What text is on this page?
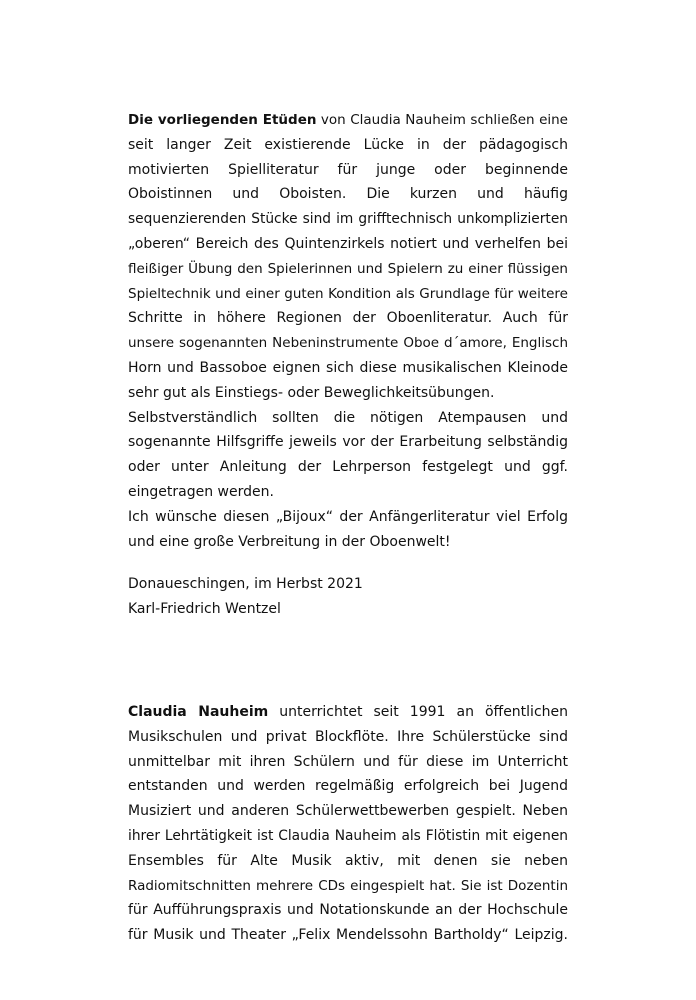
Die vorliegenden Etüden von Claudia Nauheim schließen eine
seit langer Zeit existierende Lücke in der pädagogisch
motivierten Spielliteratur für junge oder beginnende
Oboistinnen und Oboisten. Die kurzen und häufig
sequenzierenden Stücke sind im grifftechnisch unkomplizierten
„oberen“ Bereich des Quintenzirkels notiert und verhelfen bei
fleißiger Übung den Spielerinnen und Spielern zu einer flüssigen
Spieltechnik und einer guten Kondition als Grundlage für weitere
Schritte in höhere Regionen der Oboenliteratur. Auch für
unsere sogenannten Nebeninstrumente Oboe d´amore, Englisch
Horn und Bassoboe eignen sich diese musikalischen Kleinode
sehr gut als Einstiegs- oder Beweglichkeitsübungen.
Selbstverständlich sollten die nötigen Atempausen und
sogenannte Hilfsgriffe jeweils vor der Erarbeitung selbständig
oder unter Anleitung der Lehrperson festgelegt und ggf.
eingetragen werden.
Ich wünsche diesen „Bijoux“ der Anfängerliteratur viel Erfolg
und eine große Verbreitung in der Oboenwelt!
Donaueschingen, im Herbst 2021
Karl-Friedrich Wentzel
Claudia Nauheim unterrichtet seit 1991 an öffentlichen
Musikschulen und privat Blockflöte. Ihre Schülerstücke sind
unmittelbar mit ihren Schülern und für diese im Unterricht
entstanden und werden regelmäßig erfolgreich bei Jugend
Musiziert und anderen Schülerwettbewerben gespielt. Neben
ihrer Lehrtätigkeit ist Claudia Nauheim als Flötistin mit eigenen
Ensembles für Alte Musik aktiv, mit denen sie neben
Radiomitschnitten mehrere CDs eingespielt hat. Sie ist Dozentin
für Aufführungspraxis und Notationskunde an der Hochschule
für Musik und Theater „Felix Mendelssohn Bartholdy“ Leipzig.
